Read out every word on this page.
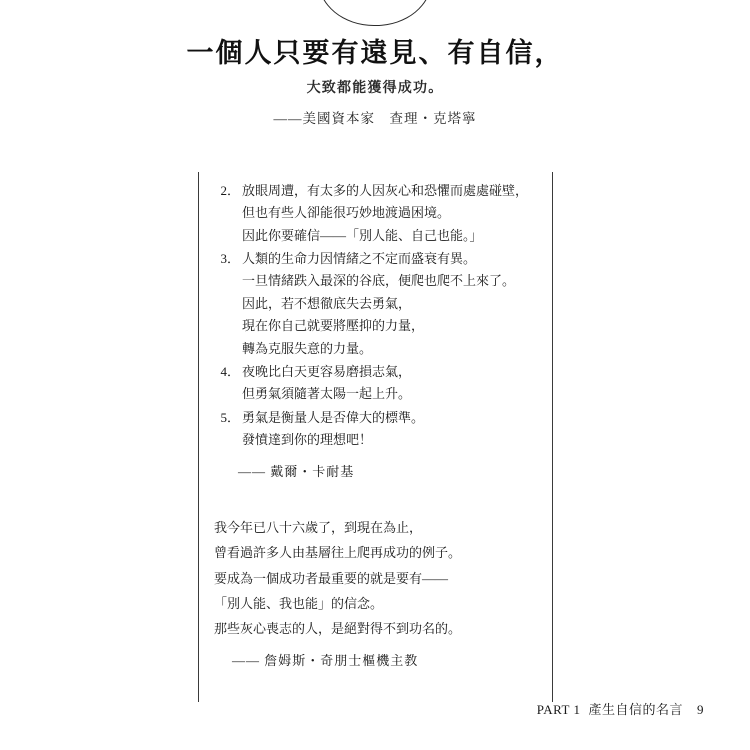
一個人只要有遠見、有自信，
大致都能獲得成功。
——美國資本家　查理・克塔寧
2． 放眼周遭，有太多的人因灰心和恐懼而處處碰壁，
但也有些人卻能很巧妙地渡過困境。
因此你要確信——「別人能、自己也能。」
3． 人類的生命力因情緒之不定而盛衰有異。
一旦情緒跌入最深的谷底，便爬也爬不上來了。
因此，若不想徹底失去勇氣，
現在你自己就要將壓抑的力量，
轉為克服失意的力量。
4． 夜晚比白天更容易磨損志氣，
但勇氣須隨著太陽一起上升。
5． 勇氣是衡量人是否偉大的標準。
發憤達到你的理想吧！
—— 戴爾・卡耐基
我今年已八十六歲了，到現在為止，
曾看過許多人由基層往上爬再成功的例子。
要成為一個成功者最重要的就是要有——
「別人能、我也能」的信念。
那些灰心喪志的人，是絕對得不到功名的。
—— 詹姆斯・奇朋士樞機主教
PART 1 產生自信的名言 9
